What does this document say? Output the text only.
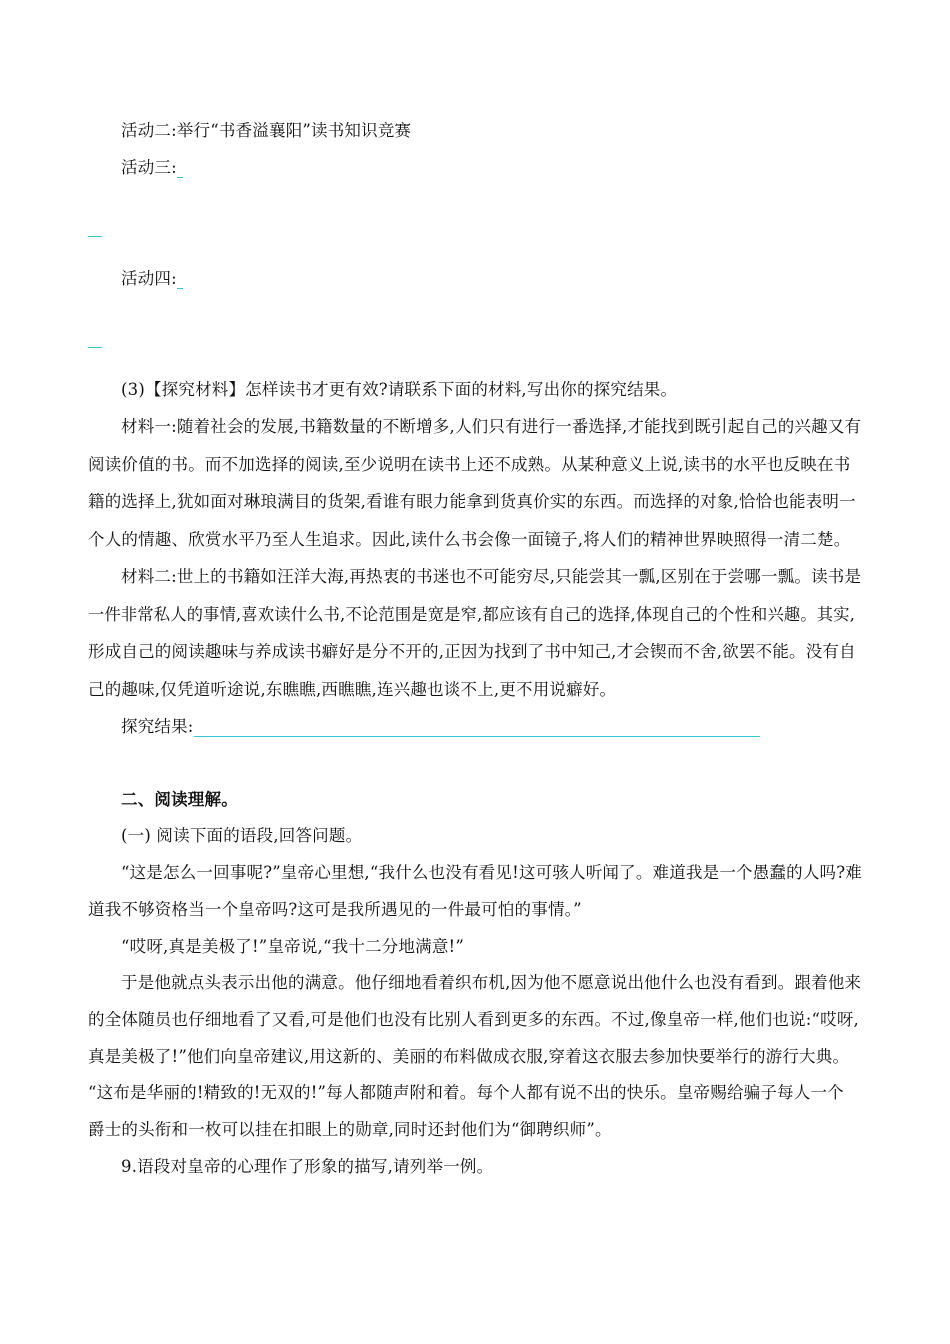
活动二:举行“书香溢襄阳”读书知识竞赛
活动三:
活动四:
(3)【探究材料】怎样读书才更有效?请联系下面的材料,写出你的探究结果。
材料一:随着社会的发展,书籍数量的不断增多,人们只有进行一番选择,才能找到既引起自己的兴趣又有
阅读价值的书。而不加选择的阅读,至少说明在读书上还不成熟。从某种意义上说,读书的水平也反映在书
籍的选择上,犹如面对琳琅满目的货架,看谁有眼力能拿到货真价实的东西。而选择的对象,恰恰也能表明一
个人的情趣、欣赏水平乃至人生追求。因此,读什么书会像一面镜子,将人们的精神世界映照得一清二楚。
材料二:世上的书籍如汪洋大海,再热衷的书迷也不可能穷尽,只能尝其一瓢,区别在于尝哪一瓢。读书是
一件非常私人的事情,喜欢读什么书,不论范围是宽是窄,都应该有自己的选择,体现自己的个性和兴趣。其实,
形成自己的阅读趣味与养成读书癖好是分不开的,正因为找到了书中知己,才会锲而不舍,欲罢不能。没有自
己的趣味,仅凭道听途说,东瞧瞧,西瞧瞧,连兴趣也谈不上,更不用说癖好。
探究结果:
二、阅读理解。
(一) 阅读下面的语段,回答问题。
“这是怎么一回事呢?”皇帝心里想,“我什么也没有看见!这可骇人听闻了。难道我是一个愚蠢的人吗?难
道我不够资格当一个皇帝吗?这可是我所遇见的一件最可怕的事情。”
“哎呀,真是美极了!”皇帝说,“我十二分地满意!”
于是他就点头表示出他的满意。他仔细地看着织布机,因为他不愿意说出他什么也没有看到。跟着他来
的全体随员也仔细地看了又看,可是他们也没有比别人看到更多的东西。不过,像皇帝一样,他们也说:“哎呀,
真是美极了!”他们向皇帝建议,用这新的、美丽的布料做成衣服,穿着这衣服去参加快要举行的游行大典。
“这布是华丽的!精致的!无双的!”每人都随声附和着。每个人都有说不出的快乐。皇帝赐给骗子每人一个
爵士的头衔和一枚可以挂在扣眼上的勋章,同时还封他们为“御聘织师”。
9.语段对皇帝的心理作了形象的描写,请列举一例。
